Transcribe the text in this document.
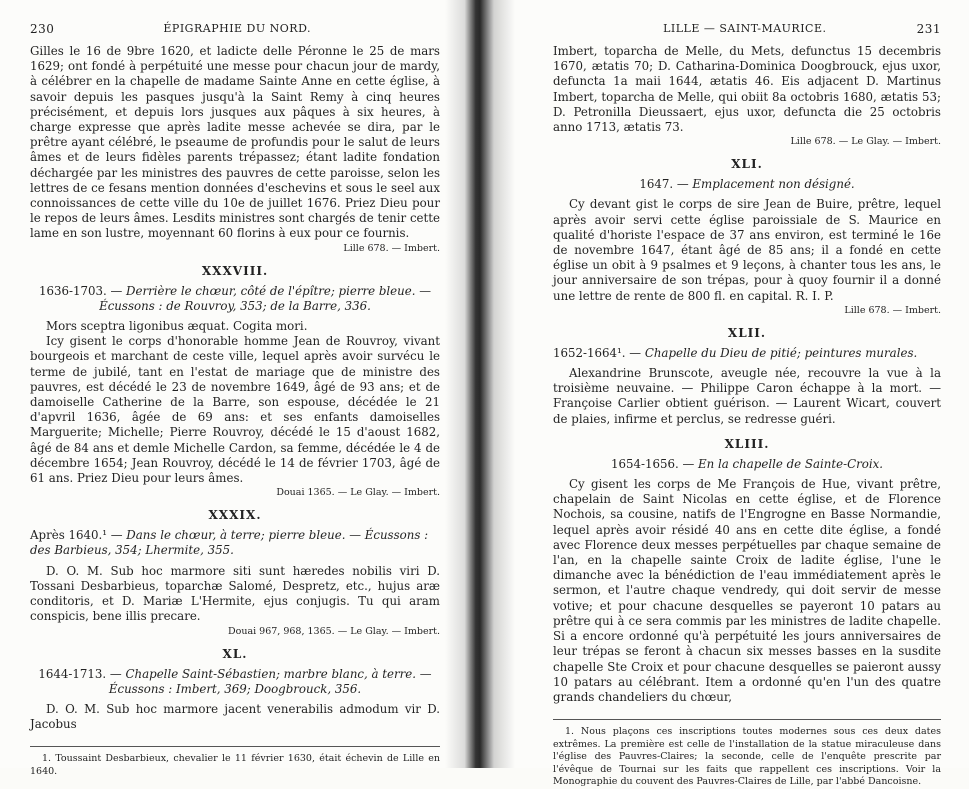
230	ÉPIGRAPHIE DU NORD.

Gilles le 16 de 9bre 1620, et ladicte delle Péronne le 25 de mars 1629; ont fondé à perpétuité une messe pour chacun jour de mardy, à célébrer en la chapelle de madame Sainte Anne en cette église, à savoir depuis les pasques jusqu'à la Saint Remy à cinq heures précisément, et depuis lors jusques aux pâques à six heures, à charge expresse que après ladite messe achevée se dira, par le prêtre ayant célébré, le pseaume de profundis pour le salut de leurs âmes et de leurs fidèles parents trépassez; étant ladite fondation déchargée par les ministres des pauvres de cette paroisse, selon les lettres de ce fesans mention données d'eschevins et sous le seel aux connoissances de cette ville du 10e de juillet 1676. Priez Dieu pour le repos de leurs âmes. Lesdits ministres sont chargés de tenir cette lame en son lustre, moyennant 60 florins à eux pour ce fournis.

Lille 678. — Imbert.
XXXVIII.
1636-1703. — Derrière le chœur, côté de l'épître; pierre bleue. — Écussons : de Rouvroy, 353; de la Barre, 336.

Mors sceptra ligonibus æquat. Cogita mori.

Icy gisent le corps d'honorable homme Jean de Rouvroy, vivant bourgeois et marchant de ceste ville, lequel après avoir survécu le terme de jubilé, tant en l'estat de mariage que de ministre des pauvres, est décédé le 23 de novembre 1649, âgé de 93 ans; et de damoiselle Catherine de la Barre, son espouse, décédée le 21 d'apvril 1636, âgée de 69 ans: et ses enfants damoiselles Marguerite; Michelle; Pierre Rouvroy, décédé le 15 d'aoust 1682, âgé de 84 ans et demle Michelle Cardon, sa femme, décédée le 4 de décembre 1654; Jean Rouvroy, décédé le 14 de février 1703, âgé de 61 ans. Priez Dieu pour leurs âmes.

Douai 1365. — Le Glay. — Imbert.
XXXIX.
Après 1640.¹ — Dans le chœur, à terre; pierre bleue. — Écussons : des Barbieus, 354; Lhermite, 355.

D. O. M. Sub hoc marmore siti sunt hæredes nobilis viri D. Tossani Desbarbieus, toparchæ Salomé, Despretz, etc., hujus aræ conditoris, et D. Mariæ L'Hermite, ejus conjugis. Tu qui aram conspicis, bene illis precare.

Douai 967, 968, 1365. — Le Glay. — Imbert.
XL.
1644-1713. — Chapelle Saint-Sébastien; marbre blanc, à terre. — Écussons : Imbert, 369; Doogbrouck, 356.

D. O. M. Sub hoc marmore jacent venerabilis admodum vir D. Jacobus

1. Toussaint Desbarbieux, chevalier le 11 février 1630, était échevin de Lille en 1640.

LILLE — SAINT-MAURICE.	231

Imbert, toparcha de Melle, du Mets, defunctus 15 decembris 1670, ætatis 70; D. Catharina-Dominica Doogbrouck, ejus uxor, defuncta 1a maii 1644, ætatis 46. Eis adjacent D. Martinus Imbert, toparcha de Melle, qui obiit 8a octobris 1680, ætatis 53; D. Petronilla Dieussaert, ejus uxor, defuncta die 25 octobris anno 1713, ætatis 73.

Lille 678. — Le Glay. — Imbert.
XLI.
1647. — Emplacement non désigné.

Cy devant gist le corps de sire Jean de Buire, prêtre, lequel après avoir servi cette église paroissiale de S. Maurice en qualité d'horiste l'espace de 37 ans environ, est terminé le 16e de novembre 1647, étant âgé de 85 ans; il a fondé en cette église un obit à 9 psalmes et 9 leçons, à chanter tous les ans, le jour anniversaire de son trépas, pour à quoy fournir il a donné une lettre de rente de 800 fl. en capital. R. I. P.

Lille 678. — Imbert.
XLII.
1652-1664¹. — Chapelle du Dieu de pitié; peintures murales.

Alexandrine Brunscote, aveugle née, recouvre la vue à la troisième neuvaine. — Philippe Caron échappe à la mort. — Françoise Carlier obtient guérison. — Laurent Wicart, couvert de plaies, infirme et perclus, se redresse guéri.

XLIII.
1654-1656. — En la chapelle de Sainte-Croix.

Cy gisent les corps de Me François de Hue, vivant prêtre, chapelain de Saint Nicolas en cette église, et de Florence Nochois, sa cousine, natifs de l'Engrogne en Basse Normandie, lequel après avoir résidé 40 ans en cette dite église, a fondé avec Florence deux messes perpétuelles par chaque semaine de l'an, en la chapelle sainte Croix de ladite église, l'une le dimanche avec la bénédiction de l'eau immédiatement après le sermon, et l'autre chaque vendredy, qui doit servir de messe votive; et pour chacune desquelles se payeront 10 patars au prêtre qui à ce sera commis par les ministres de ladite chapelle. Si a encore ordonné qu'à perpétuité les jours anniversaires de leur trépas se feront à chacun six messes basses en la susdite chapelle Ste Croix et pour chacune desquelles se paieront aussy 10 patars au célébrant. Item a ordonné qu'en l'un des quatre grands chandeliers du chœur,

1. Nous plaçons ces inscriptions toutes modernes sous ces deux dates extrêmes. La première est celle de l'installation de la statue miraculeuse dans l'église des Pauvres-Claires; la seconde, celle de l'enquête prescrite par l'évêque de Tournai sur les faits que rappellent ces inscriptions. Voir la Monographie du couvent des Pauvres-Claires de Lille, par l'abbé Dancoisne.
